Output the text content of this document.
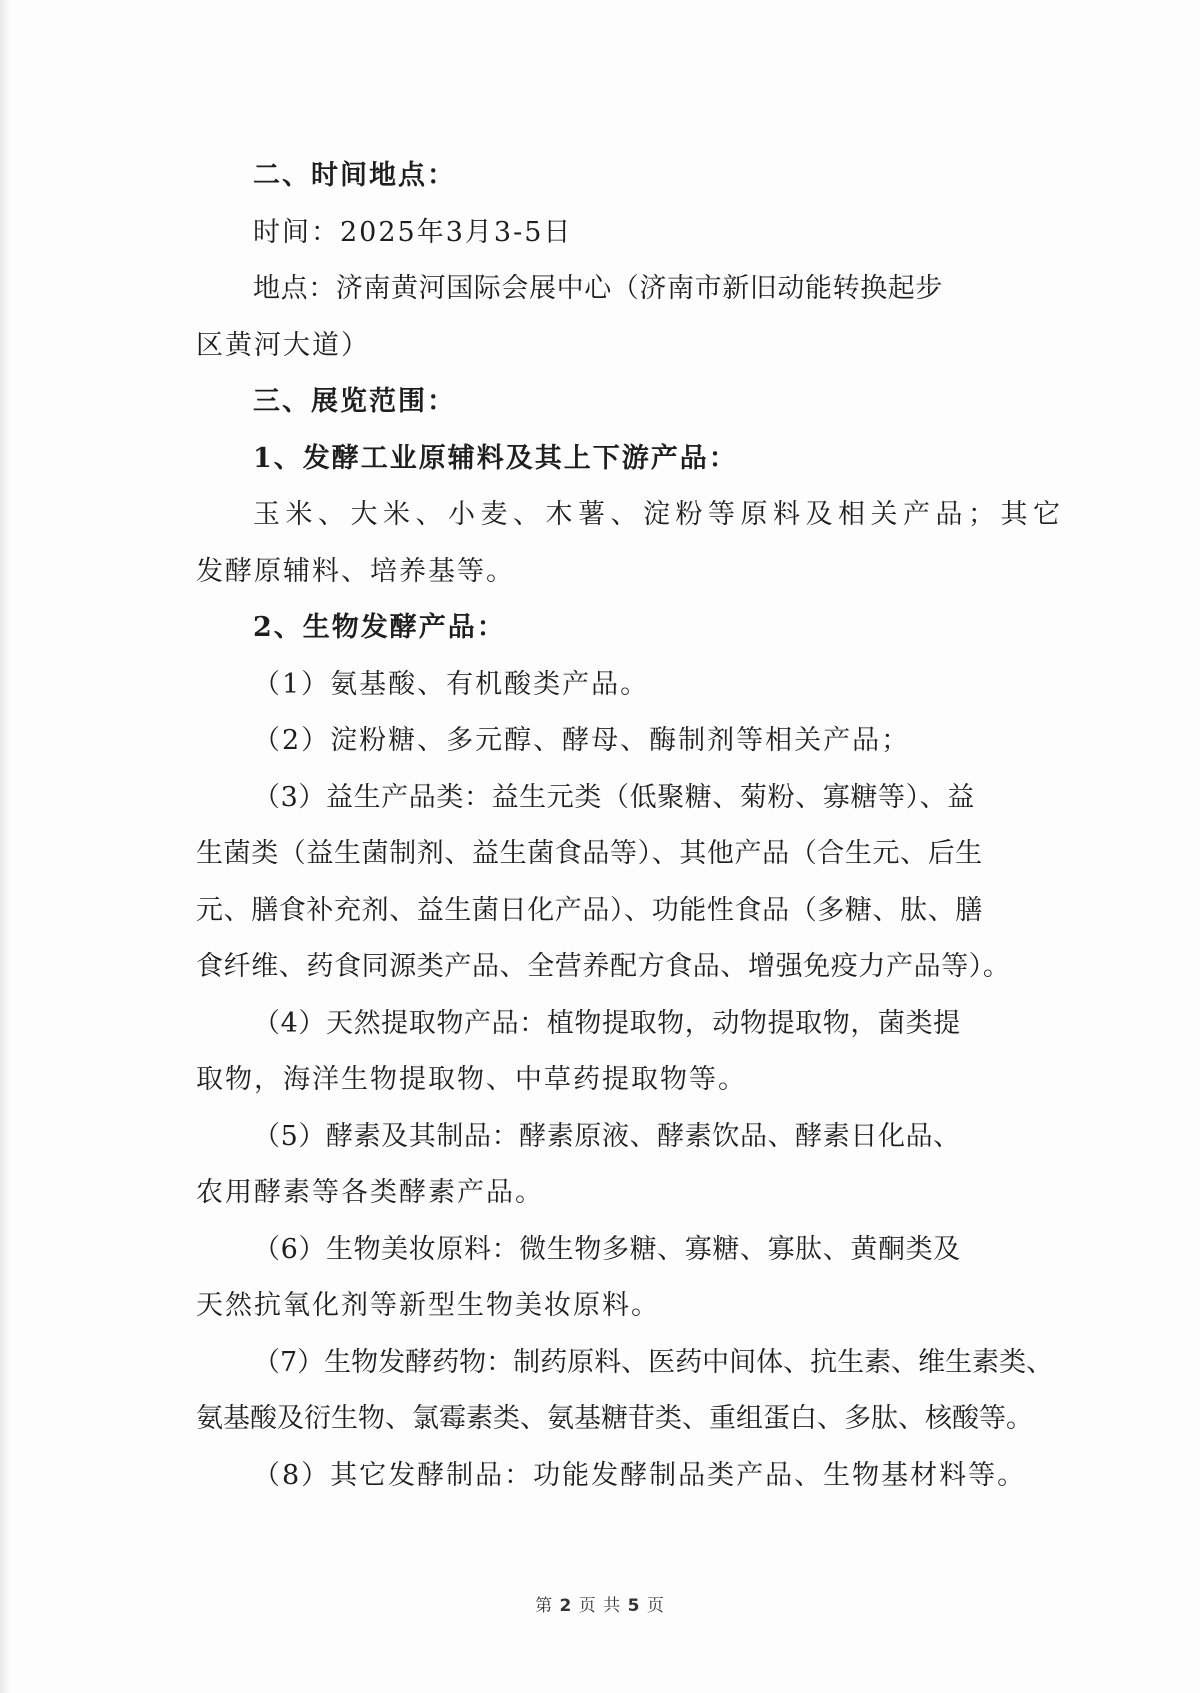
二、时间地点：
时间：2025年3月3-5日
地点：济南黄河国际会展中心（济南市新旧动能转换起步
区黄河大道）
三、展览范围：
1、发酵工业原辅料及其上下游产品：
玉米、大米、小麦、木薯、淀粉等原料及相关产品；其它
发酵原辅料、培养基等。
2、生物发酵产品：
（1）氨基酸、有机酸类产品。
（2）淀粉糖、多元醇、酵母、酶制剂等相关产品；
（3）益生产品类：益生元类（低聚糖、菊粉、寡糖等）、益
生菌类（益生菌制剂、益生菌食品等）、其他产品（合生元、后生
元、膳食补充剂、益生菌日化产品）、功能性食品（多糖、肽、膳
食纤维、药食同源类产品、全营养配方食品、增强免疫力产品等）。
（4）天然提取物产品：植物提取物，动物提取物，菌类提
取物，海洋生物提取物、中草药提取物等。
（5）酵素及其制品：酵素原液、酵素饮品、酵素日化品、
农用酵素等各类酵素产品。
（6）生物美妆原料：微生物多糖、寡糖、寡肽、黄酮类及
天然抗氧化剂等新型生物美妆原料。
（7）生物发酵药物：制药原料、医药中间体、抗生素、维生素类、
氨基酸及衍生物、氯霉素类、氨基糖苷类、重组蛋白、多肽、核酸等。
（8）其它发酵制品：功能发酵制品类产品、生物基材料等。
第 2 页 共 5 页
